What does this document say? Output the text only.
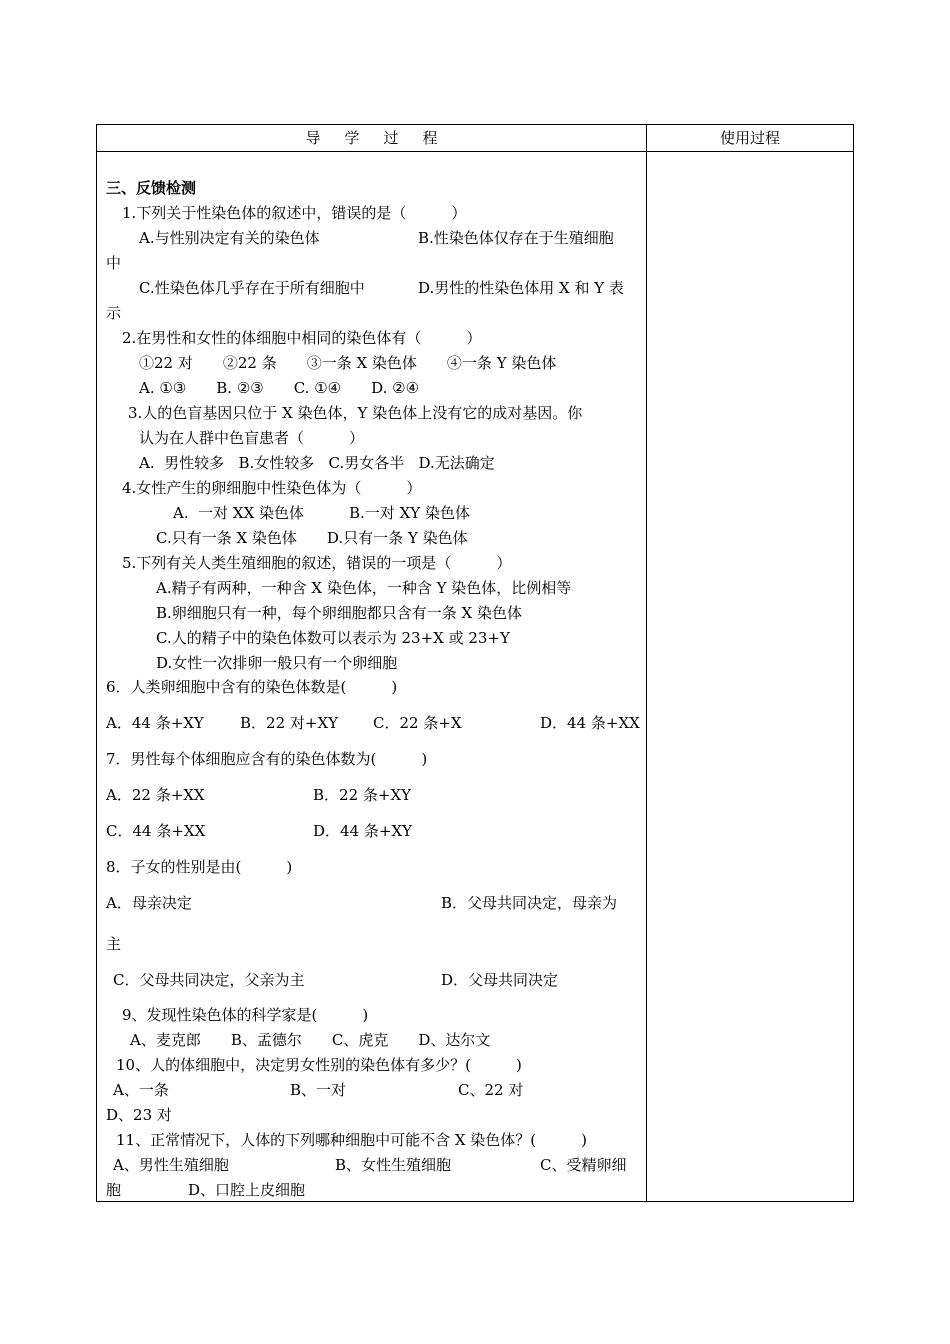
导学过程	使用过程
三、反馈检测
1.下列关于性染色体的叙述中，错误的是（　　　）
A.与性别决定有关的染色体	B.性染色体仅存在于生殖细胞
中
C.性染色体几乎存在于所有细胞中	D.男性的性染色体用 X 和 Y 表
示
2.在男性和女性的体细胞中相同的染色体有（　　　）
①22 对　　②22 条　　③一条 X 染色体　　④一条 Y 染色体
A. ①③　　B. ②③　　C. ①④　　D. ②④
3.人的色盲基因只位于 X 染色体，Y 染色体上没有它的成对基因。你
认为在人群中色盲患者（　　　）
A.  男性较多   B.女性较多   C.男女各半   D.无法确定
4.女性产生的卵细胞中性染色体为（　　　）
A.  一对 XX 染色体　　　B.一对 XY 染色体
C.只有一条 X 染色体　　D.只有一条 Y 染色体
5.下列有关人类生殖细胞的叙述，错误的一项是（　　　）
A.精子有两种，一种含 X 染色体，一种含 Y 染色体，比例相等
B.卵细胞只有一种，每个卵细胞都只含有一条 X 染色体
C.人的精子中的染色体数可以表示为 23+X 或 23+Y
D.女性一次排卵一般只有一个卵细胞
6．人类卵细胞中含有的染色体数是(　　　)
A．44 条+XY B．22 对+XY C．22 条+X	D．44 条+XX
7．男性每个体细胞应含有的染色体数为(　　　)
A．22 条+XX	B．22 条+XY
C．44 条+XX	D．44 条+XY
8．子女的性别是由(　　　)
A．母亲决定	B．父母共同决定，母亲为
主
C．父母共同决定，父亲为主	D．父母共同决定
9、发现性染色体的科学家是(　　　)
A、麦克郎　　B、孟德尔　　C、虎克　　D、达尔文
10、人的体细胞中，决定男女性别的染色体有多少？(　　　)
A、一条	B、一对	C、22 对
D、23 对
11、正常情况下，人体的下列哪种细胞中可能不含 X 染色体？(　　　)
A、男性生殖细胞	B、女性生殖细胞	C、受精卵细
胞	D、口腔上皮细胞
